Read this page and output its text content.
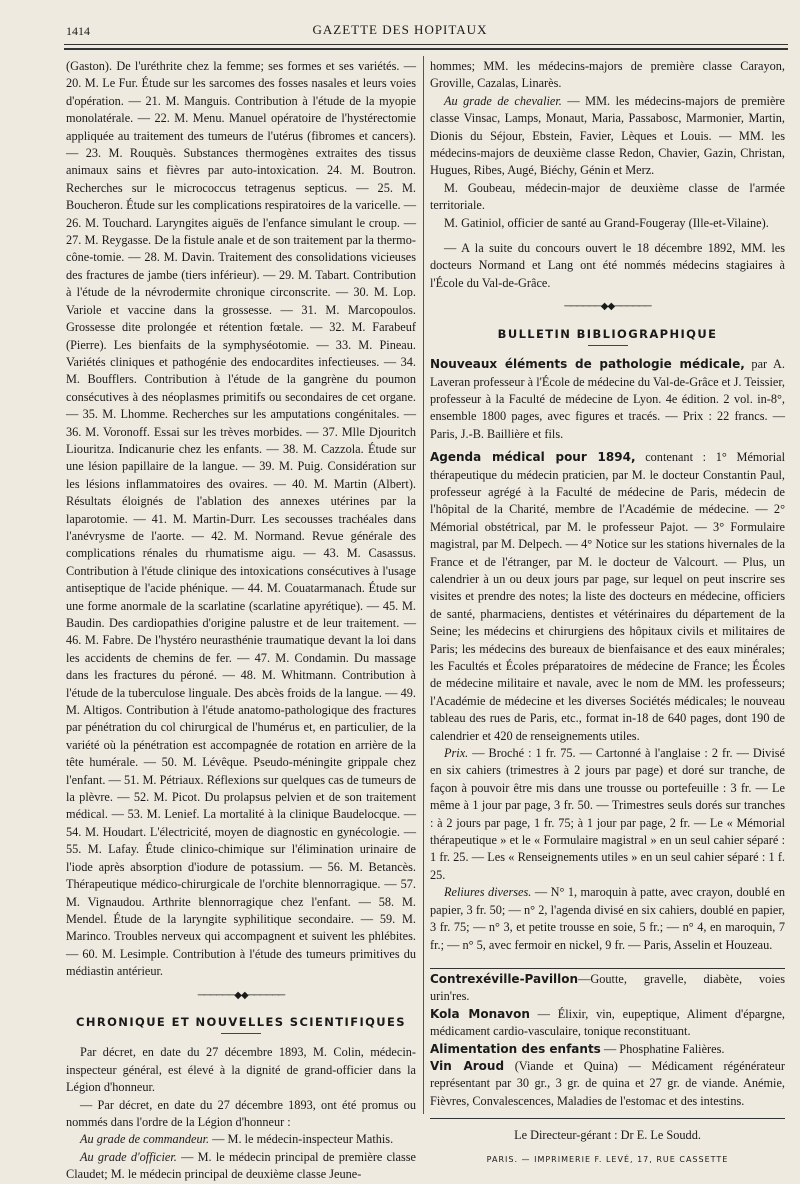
1414	GAZETTE DES HOPITAUX

(Gaston). De l'uréthrite chez la femme; ses formes et ses variétés. — 20. M. Le Fur. Étude sur les sarcomes des fosses nasales et leurs voies d'opération. — 21. M. Manguis. Contribution à l'étude de la myopie monolatérale. — 22. M. Menu. Manuel opératoire de l'hystérectomie appliquée au traitement des tumeurs de l'utérus (fibromes et cancers). — 23. M. Rouquès. Substances thermogènes extraites des tissus animaux sains et fièvres par auto-intoxication. 24. M. Boutron. Recherches sur le micrococcus tetragenus septicus. — 25. M. Boucheron. Étude sur les complications respiratoires de la varicelle. — 26. M. Touchard. Laryngites aiguës de l'enfance simulant le croup. — 27. M. Reygasse. De la fistule anale et de son traitement par la thermo-cône-tomie. — 28. M. Davin. Traitement des consolidations vicieuses des fractures de jambe (tiers inférieur). — 29. M. Tabart. Contribution à l'étude de la névrodermite chronique circonscrite. — 30. M. Lop. Variole et vaccine dans la grossesse. — 31. M. Marcopoulos. Grossesse dite prolongée et rétention fœtale. — 32. M. Farabeuf (Pierre). Les bienfaits de la symphyséotomie. — 33. M. Pineau. Variétés cliniques et pathogénie des endocardites infectieuses. — 34. M. Boufflers. Contribution à l'étude de la gangrène du poumon consécutives à des néoplasmes primitifs ou secondaires de cet organe. — 35. M. Lhomme. Recherches sur les amputations congénitales. — 36. M. Voronoff. Essai sur les trèves morbides. — 37. Mlle Djouritch Liouritza. Indicanurie chez les enfants. — 38. M. Cazzola. Étude sur une lésion papillaire de la langue. — 39. M. Puig. Considération sur les lésions inflammatoires des ovaires. — 40. M. Martin (Albert). Résultats éloignés de l'ablation des annexes utérines par la laparotomie. — 41. M. Martin-Durr. Les secousses trachéales dans l'anévrysme de l'aorte. — 42. M. Normand. Revue générale des complications rénales du rhumatisme aigu. — 43. M. Casassus. Contribution à l'étude clinique des intoxications consécutives à l'usage antiseptique de l'acide phénique. — 44. M. Couatarmanach. Étude sur une forme anormale de la scarlatine (scarlatine apyrétique). — 45. M. Baudin. Des cardiopathies d'origine palustre et de leur traitement. — 46. M. Fabre. De l'hystéro neurasthénie traumatique devant la loi dans les accidents de chemins de fer. — 47. M. Condamin. Du massage dans les fractures du péroné. — 48. M. Whitmann. Contribution à l'étude de la tuberculose linguale. Des abcès froids de la langue. — 49. M. Altigos. Contribution à l'étude anatomo-pathologique des fractures par pénétration du col chirurgical de l'humérus et, en particulier, de la variété où la pénétration est accompagnée de rotation en arrière de la tête humérale. — 50. M. Lévêque. Pseudo-méningite grippale chez l'enfant. — 51. M. Pétriaux. Réflexions sur quelques cas de tumeurs de la plèvre. — 52. M. Picot. Du prolapsus pelvien et de son traitement médical. — 53. M. Lenief. La mortalité à la clinique Baudelocque. — 54. M. Houdart. L'électricité, moyen de diagnostic en gynécologie. — 55. M. Lafay. Étude clinico-chimique sur l'élimination urinaire de l'iode après absorption d'iodure de potassium. — 56. M. Betancès. Thérapeutique médico-chirurgicale de l'orchite blennorragique. — 57. M. Vignaudou. Arthrite blennorragique chez l'enfant. — 58. M. Mendel. Étude de la laryngite syphilitique secondaire. — 59. M. Marinco. Troubles nerveux qui accompagnent et suivent les phlébites. — 60. M. Lesimple. Contribution à l'étude des tumeurs primitives du médiastin antérieur.

──────◆◆──────
CHRONIQUE ET NOUVELLES SCIENTIFIQUES

Par décret, en date du 27 décembre 1893, M. Colin, médecin-inspecteur général, est élevé à la dignité de grand-officier dans la Légion d'honneur.

— Par décret, en date du 27 décembre 1893, ont été promus ou nommés dans l'ordre de la Légion d'honneur :

Au grade de commandeur. — M. le médecin-inspecteur Mathis.

Au grade d'officier. — M. le médecin principal de première classe Claudet; M. le médecin principal de deuxième classe Jeune-

hommes; MM. les médecins-majors de première classe Carayon, Groville, Cazalas, Linarès.

Au grade de chevalier. — MM. les médecins-majors de première classe Vinsac, Lamps, Monaut, Maria, Passabosc, Marmonier, Martin, Dionis du Séjour, Ebstein, Favier, Lèques et Louis. — MM. les médecins-majors de deuxième classe Redon, Chavier, Gazin, Christan, Hugues, Ribes, Augé, Biéchy, Génin et Merz.

M. Goubeau, médecin-major de deuxième classe de l'armée territoriale.

M. Gatiniol, officier de santé au Grand-Fougeray (Ille-et-Vilaine).

— A la suite du concours ouvert le 18 décembre 1892, MM. les docteurs Normand et Lang ont été nommés médecins stagiaires à l'École du Val-de-Grâce.

──────◆◆──────
BULLETIN BIBLIOGRAPHIQUE

Nouveaux éléments de pathologie médicale, par A. Laveran professeur à l'École de médecine du Val-de-Grâce et J. Teissier, professeur à la Faculté de médecine de Lyon. 4e édition. 2 vol. in-8°, ensemble 1800 pages, avec figures et tracés. — Prix : 22 francs. — Paris, J.-B. Baillière et fils.

Agenda médical pour 1894, contenant : 1° Mémorial thérapeutique du médecin praticien, par M. le docteur Constantin Paul, professeur agrégé à la Faculté de médecine de Paris, médecin de l'hôpital de la Charité, membre de l'Académie de médecine. — 2° Mémorial obstétrical, par M. le professeur Pajot. — 3° Formulaire magistral, par M. Delpech. — 4° Notice sur les stations hivernales de la France et de l'étranger, par M. le docteur de Valcourt. — Plus, un calendrier à un ou deux jours par page, sur lequel on peut inscrire ses visites et prendre des notes; la liste des docteurs en médecine, officiers de santé, pharmaciens, dentistes et vétérinaires du département de la Seine; les médecins et chirurgiens des hôpitaux civils et militaires de Paris; les médecins des bureaux de bienfaisance et des eaux minérales; les Facultés et Écoles préparatoires de médecine de France; les Écoles de médecine militaire et navale, avec le nom de MM. les professeurs; l'Académie de médecine et les diverses Sociétés médicales; le nouveau tableau des rues de Paris, etc., format in-18 de 640 pages, dont 190 de calendrier et 420 de renseignements utiles.

Prix. — Broché : 1 fr. 75. — Cartonné à l'anglaise : 2 fr. — Divisé en six cahiers (trimestres à 2 jours par page) et doré sur tranche, de façon à pouvoir être mis dans une trousse ou portefeuille : 3 fr. — Le même à 1 jour par page, 3 fr. 50. — Trimestres seuls dorés sur tranches : à 2 jours par page, 1 fr. 75; à 1 jour par page, 2 fr. — Le « Mémorial thérapeutique » et le « Formulaire magistral » en un seul cahier séparé : 1 fr. 25. — Les « Renseignements utiles » en un seul cahier séparé : 1 f. 25.

Reliures diverses. — N° 1, maroquin à patte, avec crayon, doublé en papier, 3 fr. 50; — n° 2, l'agenda divisé en six cahiers, doublé en papier, 3 fr. 75; — n° 3, et petite trousse en soie, 5 fr.; — n° 4, en maroquin, 7 fr.; — n° 5, avec fermoir en nickel, 9 fr. — Paris, Asselin et Houzeau.

Contrexéville-Pavillon—Goutte, gravelle, diabète, voies urin'res.

Kola Monavon — Élixir, vin, eupeptique, Aliment d'épargne, médicament cardio-vasculaire, tonique reconstituant.

Alimentation des enfants — Phosphatine Falières.

Vin Aroud (Viande et Quina) — Médicament régénérateur représentant par 30 gr., 3 gr. de quina et 27 gr. de viande. Anémie, Fièvres, Convalescences, Maladies de l'estomac et des intestins.

Le Directeur-gérant : Dr E. Le Soudd.
PARIS. — IMPRIMERIE F. LEVÉ, 17, RUE CASSETTE
